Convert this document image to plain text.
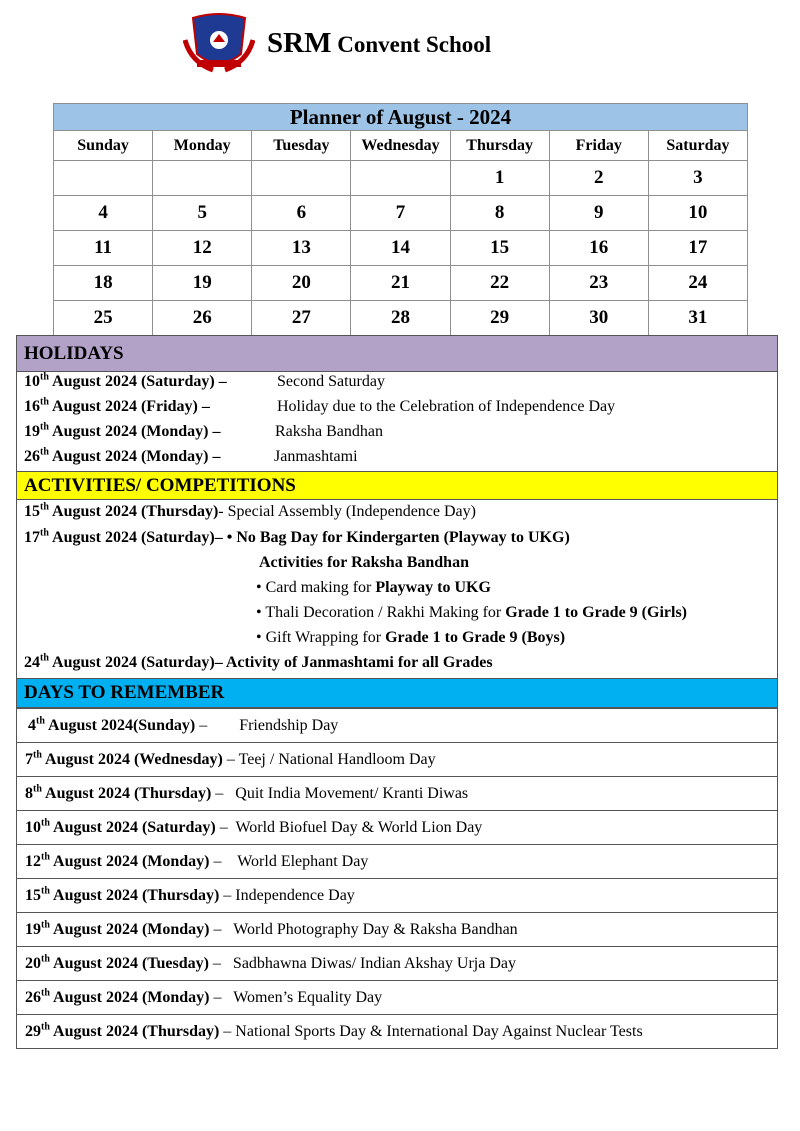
SRM Convent School
Planner of August - 2024						
Sunday	Monday	Tuesday	Wednesday	Thursday	Friday	Saturday
				1	2	3
4	5	6	7	8	9	10
11	12	13	14	15	16	17
18	19	20	21	22	23	24
25	26	27	28	29	30	31
HOLIDAYS
10th August 2024 (Saturday) –	Second Saturday
16th August 2024 (Friday) –	Holiday due to the Celebration of Independence Day
19th August 2024 (Monday) –	Raksha Bandhan
26th August 2024 (Monday) –	Janmashtami
ACTIVITIES/ COMPETITIONS
15th August 2024 (Thursday)- Special Assembly (Independence Day)
17th August 2024 (Saturday)– • No Bag Day for Kindergarten (Playway to UKG)
Activities for Raksha Bandhan
• Card making for Playway to UKG
• Thali Decoration / Rakhi Making for Grade 1 to Grade 9 (Girls)
• Gift Wrapping for Grade 1 to Grade 9 (Boys)
24th August 2024 (Saturday)– Activity of Janmashtami for all Grades
DAYS TO REMEMBER
4th August 2024(Sunday) –        Friendship Day
7th August 2024 (Wednesday) – Teej / National Handloom Day
8th August 2024 (Thursday) –   Quit India Movement/ Kranti Diwas
10th August 2024 (Saturday) –  World Biofuel Day & World Lion Day
12th August 2024 (Monday) –    World Elephant Day
15th August 2024 (Thursday) – Independence Day
19th August 2024 (Monday) –   World Photography Day & Raksha Bandhan
20th August 2024 (Tuesday) –   Sadbhawna Diwas/ Indian Akshay Urja Day
26th August 2024 (Monday) –   Women’s Equality Day
29th August 2024 (Thursday) – National Sports Day & International Day Against Nuclear Tests
